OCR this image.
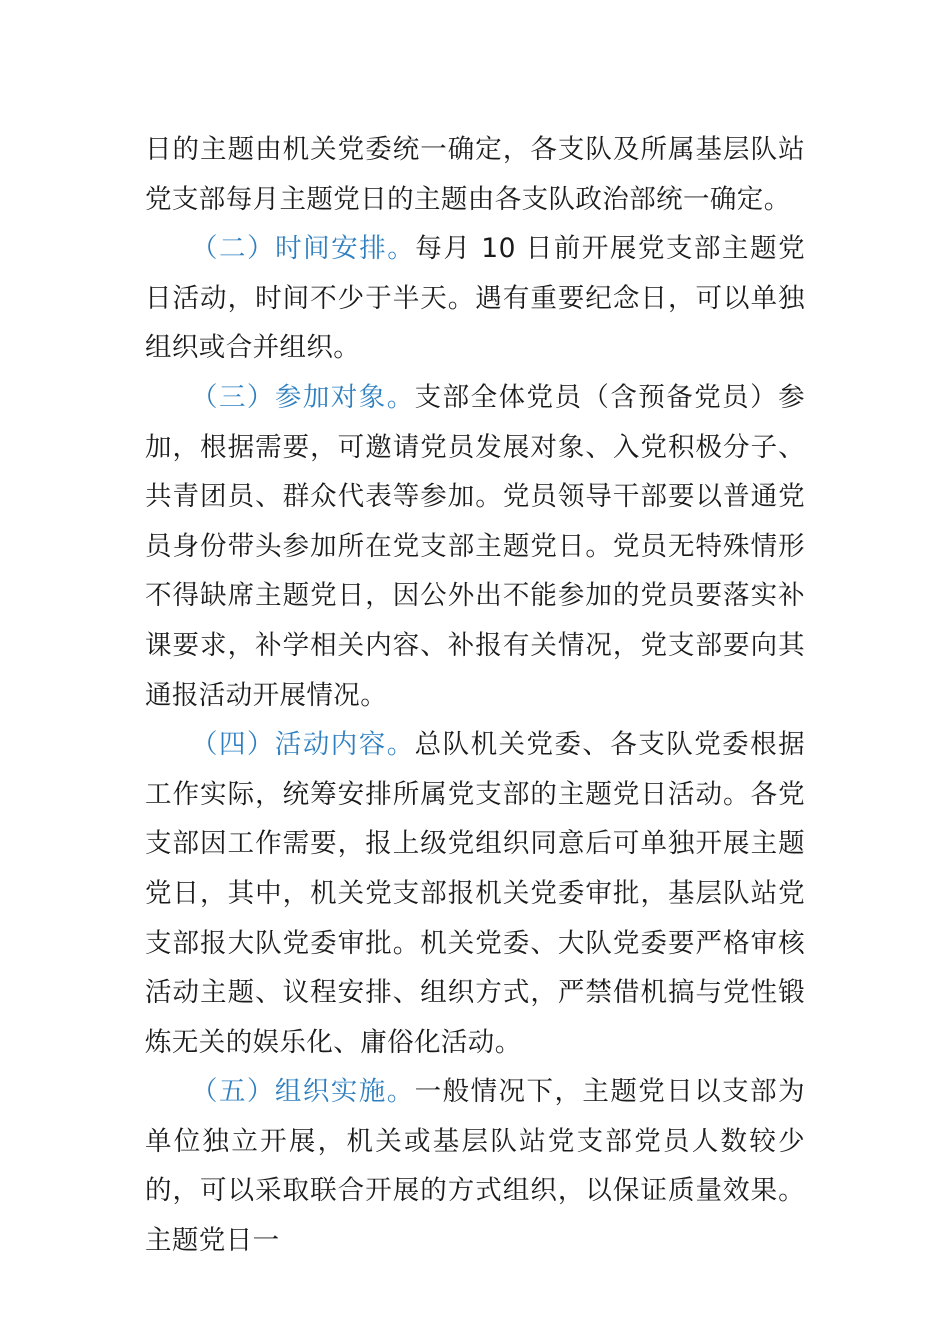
日的主题由机关党委统一确定，各支队及所属基层队站党支部每月主题党日的主题由各支队政治部统一确定。

（二）时间安排。每月 10 日前开展党支部主题党日活动，时间不少于半天。遇有重要纪念日，可以单独组织或合并组织。

（三）参加对象。支部全体党员（含预备党员）参加，根据需要，可邀请党员发展对象、入党积极分子、共青团员、群众代表等参加。党员领导干部要以普通党员身份带头参加所在党支部主题党日。党员无特殊情形不得缺席主题党日，因公外出不能参加的党员要落实补课要求，补学相关内容、补报有关情况，党支部要向其通报活动开展情况。

（四）活动内容。总队机关党委、各支队党委根据工作实际，统筹安排所属党支部的主题党日活动。各党支部因工作需要，报上级党组织同意后可单独开展主题党日，其中，机关党支部报机关党委审批，基层队站党支部报大队党委审批。机关党委、大队党委要严格审核活动主题、议程安排、组织方式，严禁借机搞与党性锻炼无关的娱乐化、庸俗化活动。

（五）组织实施。一般情况下，主题党日以支部为单位独立开展，机关或基层队站党支部党员人数较少的，可以采取联合开展的方式组织，以保证质量效果。主题党日一
